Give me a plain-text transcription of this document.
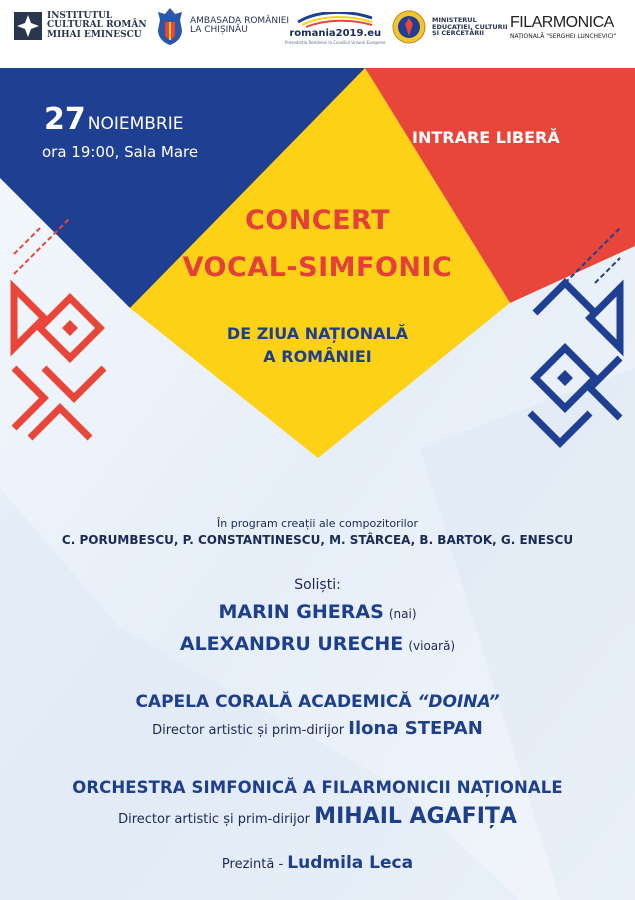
INSTITUTUL
CULTURAL ROMÂN
MIHAI EMINESCU
AMBASADA ROMÂNIEI
LA CHIȘINĂU	romania2019.eu
Președinția României la Consiliul Uniunii Europene
MINISTERUL
EDUCAȚIEI, CULTURII
ȘI CERCETĂRII
FILARMONICA
NAȚIONALĂ "SERGHEI LUNCHEVICI"
27 NOIEMBRIE
ora 19:00, Sala Mare
INTRARE LIBERĂ
CONCERT
VOCAL-SIMFONIC
DE ZIUA NAȚIONALĂ
A ROMÂNIEI
În program creații ale compozitorilor
C. PORUMBESCU, P. CONSTANTINESCU, M. STÂRCEA, B. BARTOK, G. ENESCU
Soliști:
MARIN GHERAS (nai)
ALEXANDRU URECHE (vioară)
CAPELA CORALĂ ACADEMICĂ “DOINA”
Director artistic și prim-dirijor Ilona STEPAN
ORCHESTRA SIMFONICĂ A FILARMONICII NAȚIONALE
Director artistic și prim-dirijor MIHAIL AGAFIȚA
Prezintă - Ludmila Leca
